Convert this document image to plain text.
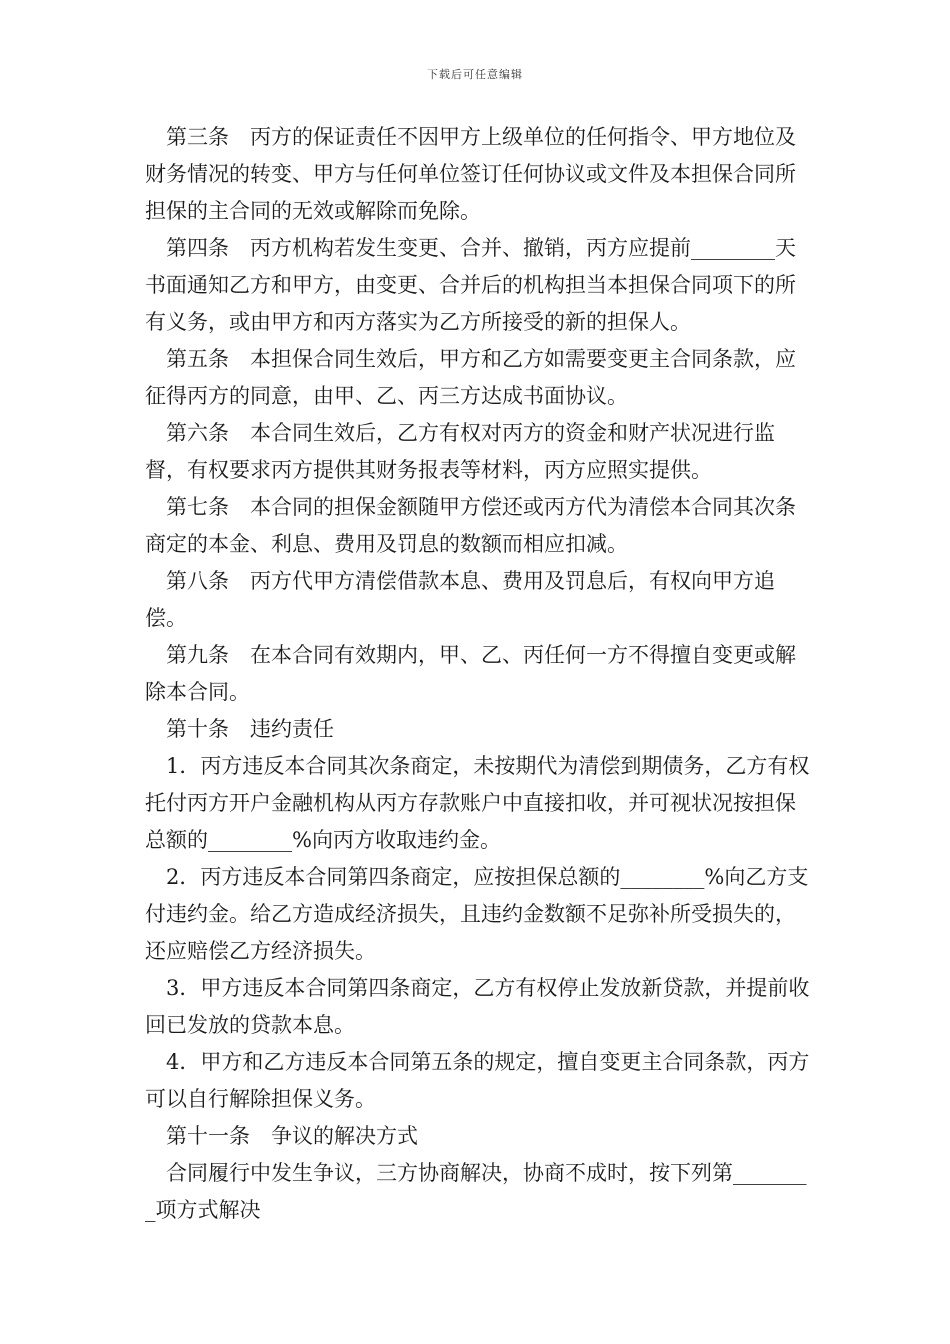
下载后可任意编辑

第三条　丙方的保证责任不因甲方上级单位的任何指令、甲方地位及财务情况的转变、甲方与任何单位签订任何协议或文件及本担保合同所担保的主合同的无效或解除而免除。

第四条　丙方机构若发生变更、合并、撤销，丙方应提前________天书面通知乙方和甲方，由变更、合并后的机构担当本担保合同项下的所有义务，或由甲方和丙方落实为乙方所接受的新的担保人。

第五条　本担保合同生效后，甲方和乙方如需要变更主合同条款，应征得丙方的同意，由甲、乙、丙三方达成书面协议。

第六条　本合同生效后，乙方有权对丙方的资金和财产状况进行监督，有权要求丙方提供其财务报表等材料，丙方应照实提供。

第七条　本合同的担保金额随甲方偿还或丙方代为清偿本合同其次条商定的本金、利息、费用及罚息的数额而相应扣减。

第八条　丙方代甲方清偿借款本息、费用及罚息后，有权向甲方追偿。

第九条　在本合同有效期内，甲、乙、丙任何一方不得擅自变更或解除本合同。

第十条　违约责任

1．丙方违反本合同其次条商定，未按期代为清偿到期债务，乙方有权托付丙方开户金融机构从丙方存款账户中直接扣收，并可视状况按担保总额的________%向丙方收取违约金。

2．丙方违反本合同第四条商定，应按担保总额的________%向乙方支付违约金。给乙方造成经济损失，且违约金数额不足弥补所受损失的，还应赔偿乙方经济损失。

3．甲方违反本合同第四条商定，乙方有权停止发放新贷款，并提前收回已发放的贷款本息。

4．甲方和乙方违反本合同第五条的规定，擅自变更主合同条款，丙方可以自行解除担保义务。

第十一条　争议的解决方式

合同履行中发生争议，三方协商解决，协商不成时，按下列第________项方式解决
